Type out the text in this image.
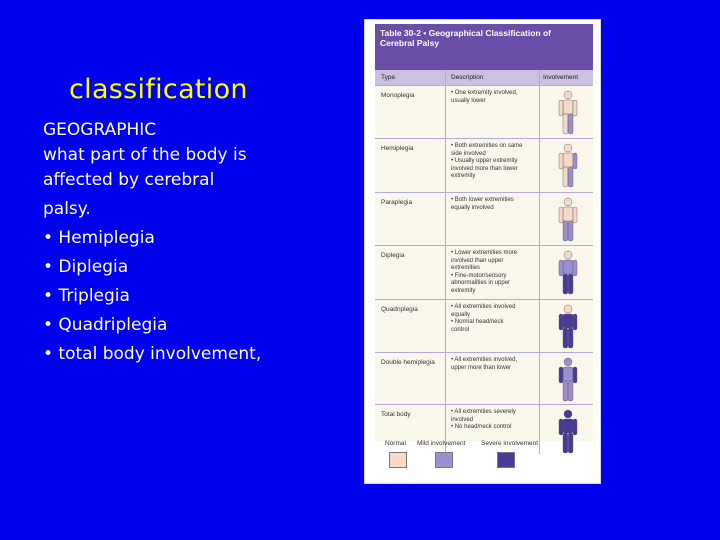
classification
GEOGRAPHIC
what part of the body is
affected by cerebral
palsy.
• Hemiplegia
• Diplegia
• Triplegia
• Quadriplegia
• total body involvement,
Table 30-2 • Geographical Classification of
Cerebral Palsy
Type	Description	Involvement
Monoplegia	• One extremity involved,
usually lower
Hemiplegia	• Both extremities on same
side involved
• Usually upper extremity
involved more than lower
extremity
Paraplegia	• Both lower extremities
equally involved
Diplegia	• Lower extremities more
involved than upper
extremities
• Fine-motor/sensory
abnormalities in upper
extremity
Quadriplegia	• All extremities involved
equally
• Normal head/neck
control
Double hemiplegia	• All extremities involved,
upper more than lower
Total body	• All extremities severely
involved
• No head/neck control
Normal Mild involvement Severe involvement
